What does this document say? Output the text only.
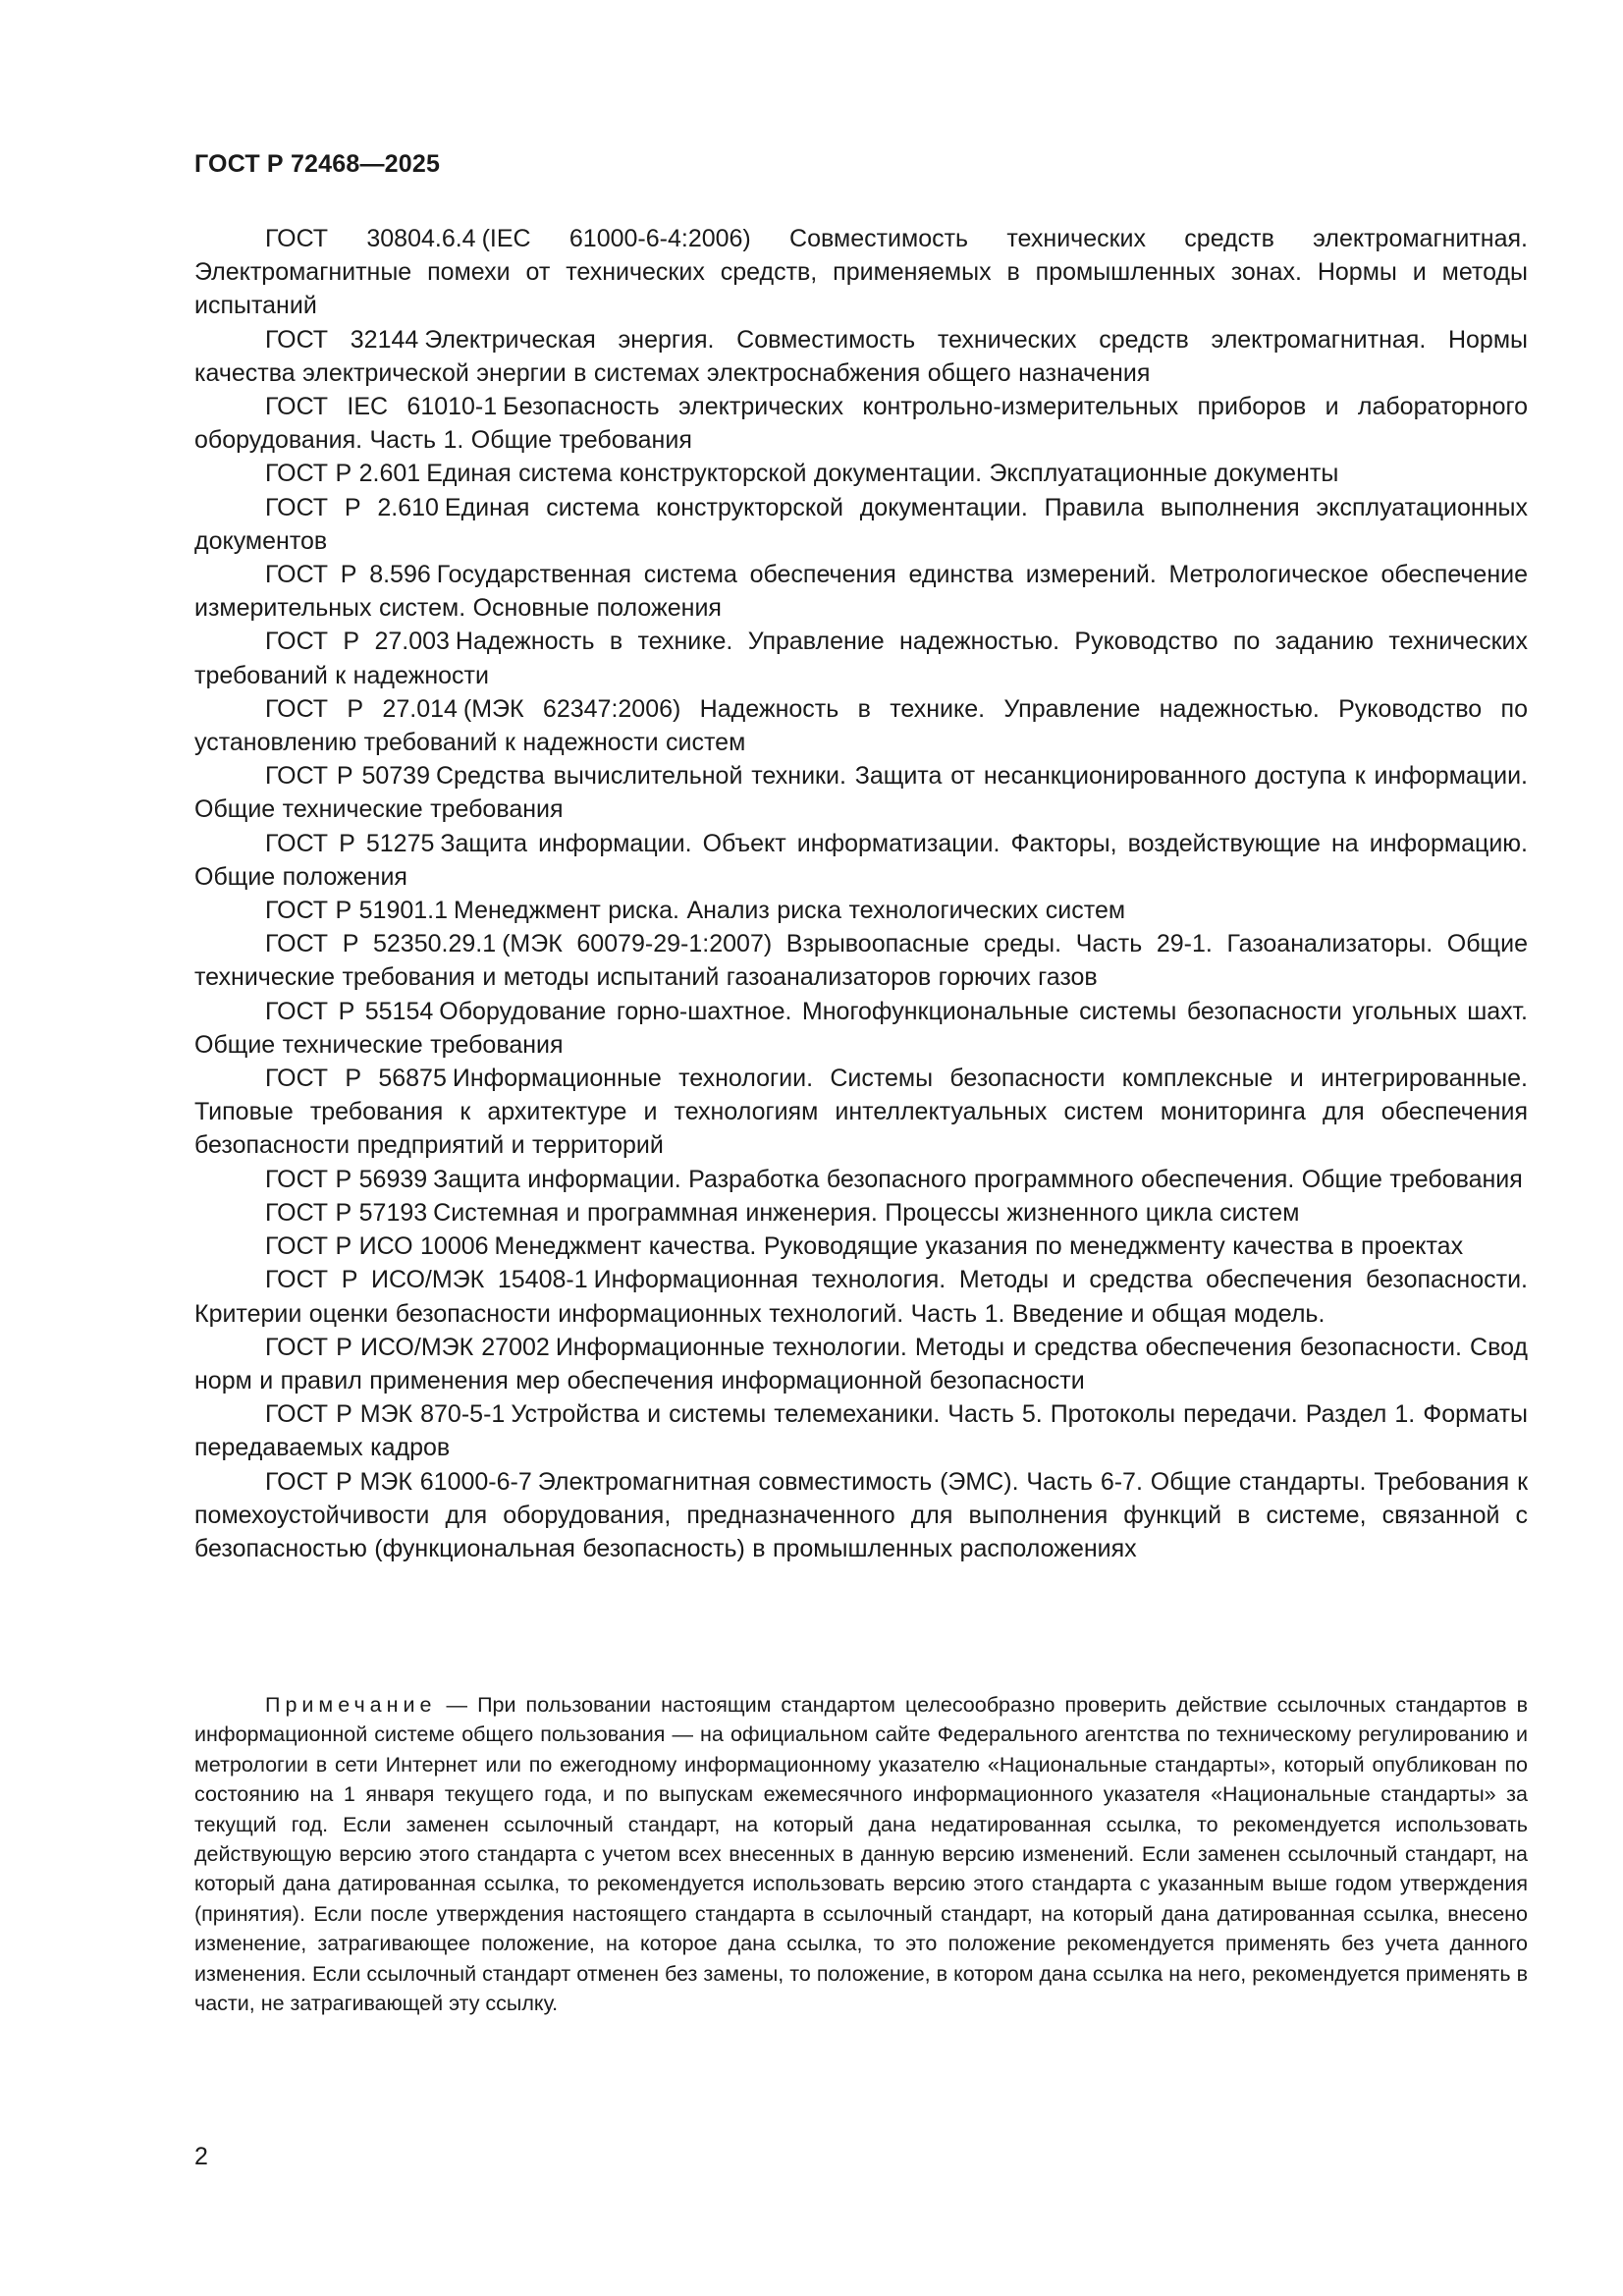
ГОСТ Р 72468—2025
ГОСТ 30804.6.4 (IEC 61000-6-4:2006) Совместимость технических средств электромагнитная. Электромагнитные помехи от технических средств, применяемых в промышленных зонах. Нормы и методы испытаний
ГОСТ 32144 Электрическая энергия. Совместимость технических средств электромагнитная. Нормы качества электрической энергии в системах электроснабжения общего назначения
ГОСТ IEC 61010-1 Безопасность электрических контрольно-измерительных приборов и лабораторного оборудования. Часть 1. Общие требования
ГОСТ Р 2.601 Единая система конструкторской документации. Эксплуатационные документы
ГОСТ Р 2.610 Единая система конструкторской документации. Правила выполнения эксплуатационных документов
ГОСТ Р 8.596 Государственная система обеспечения единства измерений. Метрологическое обеспечение измерительных систем. Основные положения
ГОСТ Р 27.003 Надежность в технике. Управление надежностью. Руководство по заданию технических требований к надежности
ГОСТ Р 27.014 (МЭК 62347:2006) Надежность в технике. Управление надежностью. Руководство по установлению требований к надежности систем
ГОСТ Р 50739 Средства вычислительной техники. Защита от несанкционированного доступа к информации. Общие технические требования
ГОСТ Р 51275 Защита информации. Объект информатизации. Факторы, воздействующие на информацию. Общие положения
ГОСТ Р 51901.1 Менеджмент риска. Анализ риска технологических систем
ГОСТ Р 52350.29.1 (МЭК 60079-29-1:2007) Взрывоопасные среды. Часть 29-1. Газоанализаторы. Общие технические требования и методы испытаний газоанализаторов горючих газов
ГОСТ Р 55154 Оборудование горно-шахтное. Многофункциональные системы безопасности угольных шахт. Общие технические требования
ГОСТ Р 56875 Информационные технологии. Системы безопасности комплексные и интегрированные. Типовые требования к архитектуре и технологиям интеллектуальных систем мониторинга для обеспечения безопасности предприятий и территорий
ГОСТ Р 56939 Защита информации. Разработка безопасного программного обеспечения. Общие требования
ГОСТ Р 57193 Системная и программная инженерия. Процессы жизненного цикла систем
ГОСТ Р ИСО 10006 Менеджмент качества. Руководящие указания по менеджменту качества в проектах
ГОСТ Р ИСО/МЭК 15408-1 Информационная технология. Методы и средства обеспечения безопасности. Критерии оценки безопасности информационных технологий. Часть 1. Введение и общая модель.
ГОСТ Р ИСО/МЭК 27002 Информационные технологии. Методы и средства обеспечения безопасности. Свод норм и правил применения мер обеспечения информационной безопасности
ГОСТ Р МЭК 870-5-1 Устройства и системы телемеханики. Часть 5. Протоколы передачи. Раздел 1. Форматы передаваемых кадров
ГОСТ Р МЭК 61000-6-7 Электромагнитная совместимость (ЭМС). Часть 6-7. Общие стандарты. Требования к помехоустойчивости для оборудования, предназначенного для выполнения функций в системе, связанной с безопасностью (функциональная безопасность) в промышленных расположениях

Примечание — При пользовании настоящим стандартом целесообразно проверить действие ссылочных стандартов в информационной системе общего пользования — на официальном сайте Федерального агентства по техническому регулированию и метрологии в сети Интернет или по ежегодному информационному указателю «Национальные стандарты», который опубликован по состоянию на 1 января текущего года, и по выпускам ежемесячного информационного указателя «Национальные стандарты» за текущий год. Если заменен ссылочный стандарт, на который дана недатированная ссылка, то рекомендуется использовать действующую версию этого стандарта с учетом всех внесенных в данную версию изменений. Если заменен ссылочный стандарт, на который дана датированная ссылка, то рекомендуется использовать версию этого стандарта с указанным выше годом утверждения (принятия). Если после утверждения настоящего стандарта в ссылочный стандарт, на который дана датированная ссылка, внесено изменение, затрагивающее положение, на которое дана ссылка, то это положение рекомендуется применять без учета данного изменения. Если ссылочный стандарт отменен без замены, то положение, в котором дана ссылка на него, рекомендуется применять в части, не затрагивающей эту ссылку.

2
